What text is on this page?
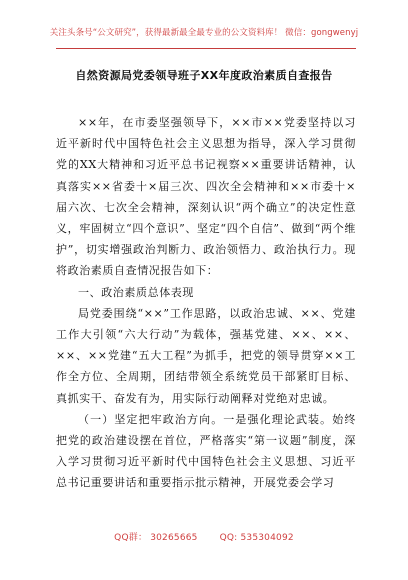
关注头条号“公文研究”，获得最新最全最专业的公文资料库！ 微信：gongwenyj
自然资源局党委领导班子XX年度政治素质自查报告

××年，在市委坚强领导下，××市××党委坚持以习近平新时代中国特色社会主义思想为指导，深入学习贯彻党的XX大精神和习近平总书记视察××重要讲话精神，认真落实××省委十×届三次、四次全会精神和××市委十×届六次、七次全会精神，深刻认识“两个确立”的决定性意义，牢固树立“四个意识”、坚定“四个自信”、做到“两个维护”，切实增强政治判断力、政治领悟力、政治执行力。现将政治素质自查情况报告如下：

一、政治素质总体表现

局党委围绕“××”工作思路，以政治忠诚、××、党建工作大引领“六大行动”为载体，强基党建、××、××、××、××党建“五大工程”为抓手，把党的领导贯穿××工作全方位、全周期，团结带领全系统党员干部紧盯目标、真抓实干、奋发有为，用实际行动阐释对党绝对忠诚。

（一）坚定把牢政治方向。一是强化理论武装。始终把党的政治建设摆在首位，严格落实“第一议题”制度，深入学习贯彻习近平新时代中国特色社会主义思想、习近平总书记重要讲话和重要指示批示精神，开展党委会学习

QQ群： 30265665 QQ: 535304092
